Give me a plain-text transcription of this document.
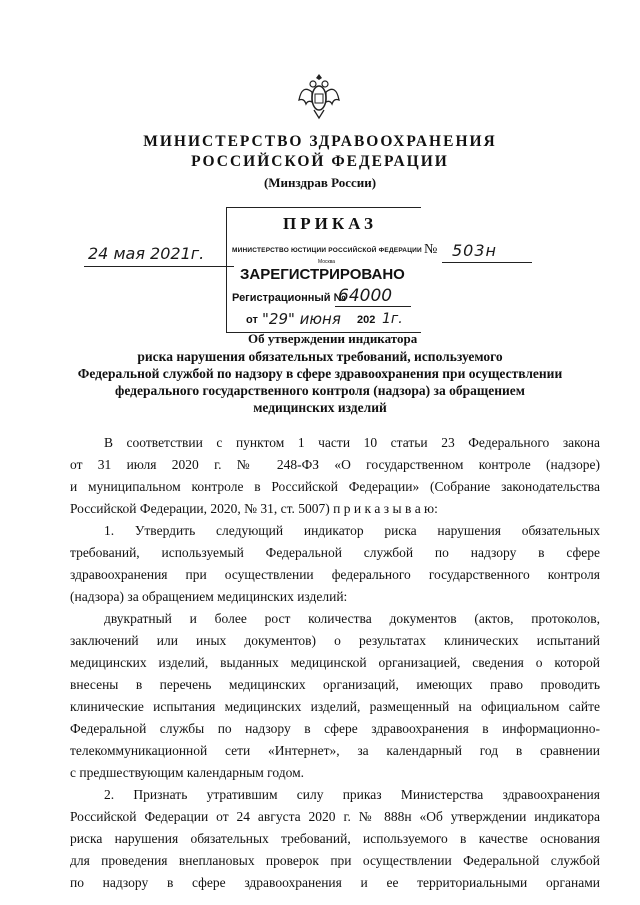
МИНИСТЕРСТВО ЗДРАВООХРАНЕНИЯ
РОССИЙСКОЙ ФЕДЕРАЦИИ
(Минздрав России)
ПРИКАЗ
24 мая 2021г.	№ 503н
МИНИСТЕРСТВО ЮСТИЦИИ РОССИЙСКОЙ ФЕДЕРАЦИИ
Москва
ЗАРЕГИСТРИРОВАНО
Регистрационный №
64000
от "29" июня 202 1г.
Об утверждении индикатора
риска нарушения обязательных требований, используемого
Федеральной службой по надзору в сфере здравоохранения при осуществлении
федерального государственного контроля (надзора) за обращением
медицинских изделий
В соответствии с пунктом 1 части 10 статьи 23 Федерального закона
от 31 июля 2020 г. № 248-ФЗ «О государственном контроле (надзоре)
и муниципальном контроле в Российской Федерации» (Собрание законодательства
Российской Федерации, 2020, № 31, ст. 5007) п р и к а з ы в а ю:
1. Утвердить следующий индикатор риска нарушения обязательных
требований, используемый Федеральной службой по надзору в сфере
здравоохранения при осуществлении федерального государственного контроля
(надзора) за обращением медицинских изделий:
двукратный и более рост количества документов (актов, протоколов,
заключений или иных документов) о результатах клинических испытаний
медицинских изделий, выданных медицинской организацией, сведения о которой
внесены в перечень медицинских организаций, имеющих право проводить
клинические испытания медицинских изделий, размещенный на официальном сайте
Федеральной службы по надзору в сфере здравоохранения в информационно-
телекоммуникационной сети «Интернет», за календарный год в сравнении
с предшествующим календарным годом.
2. Признать утратившим силу приказ Министерства здравоохранения
Российской Федерации от 24 августа 2020 г. № 888н «Об утверждении индикатора
риска нарушения обязательных требований, используемого в качестве основания
для проведения внеплановых проверок при осуществлении Федеральной службой
по надзору в сфере здравоохранения и ее территориальными органами
